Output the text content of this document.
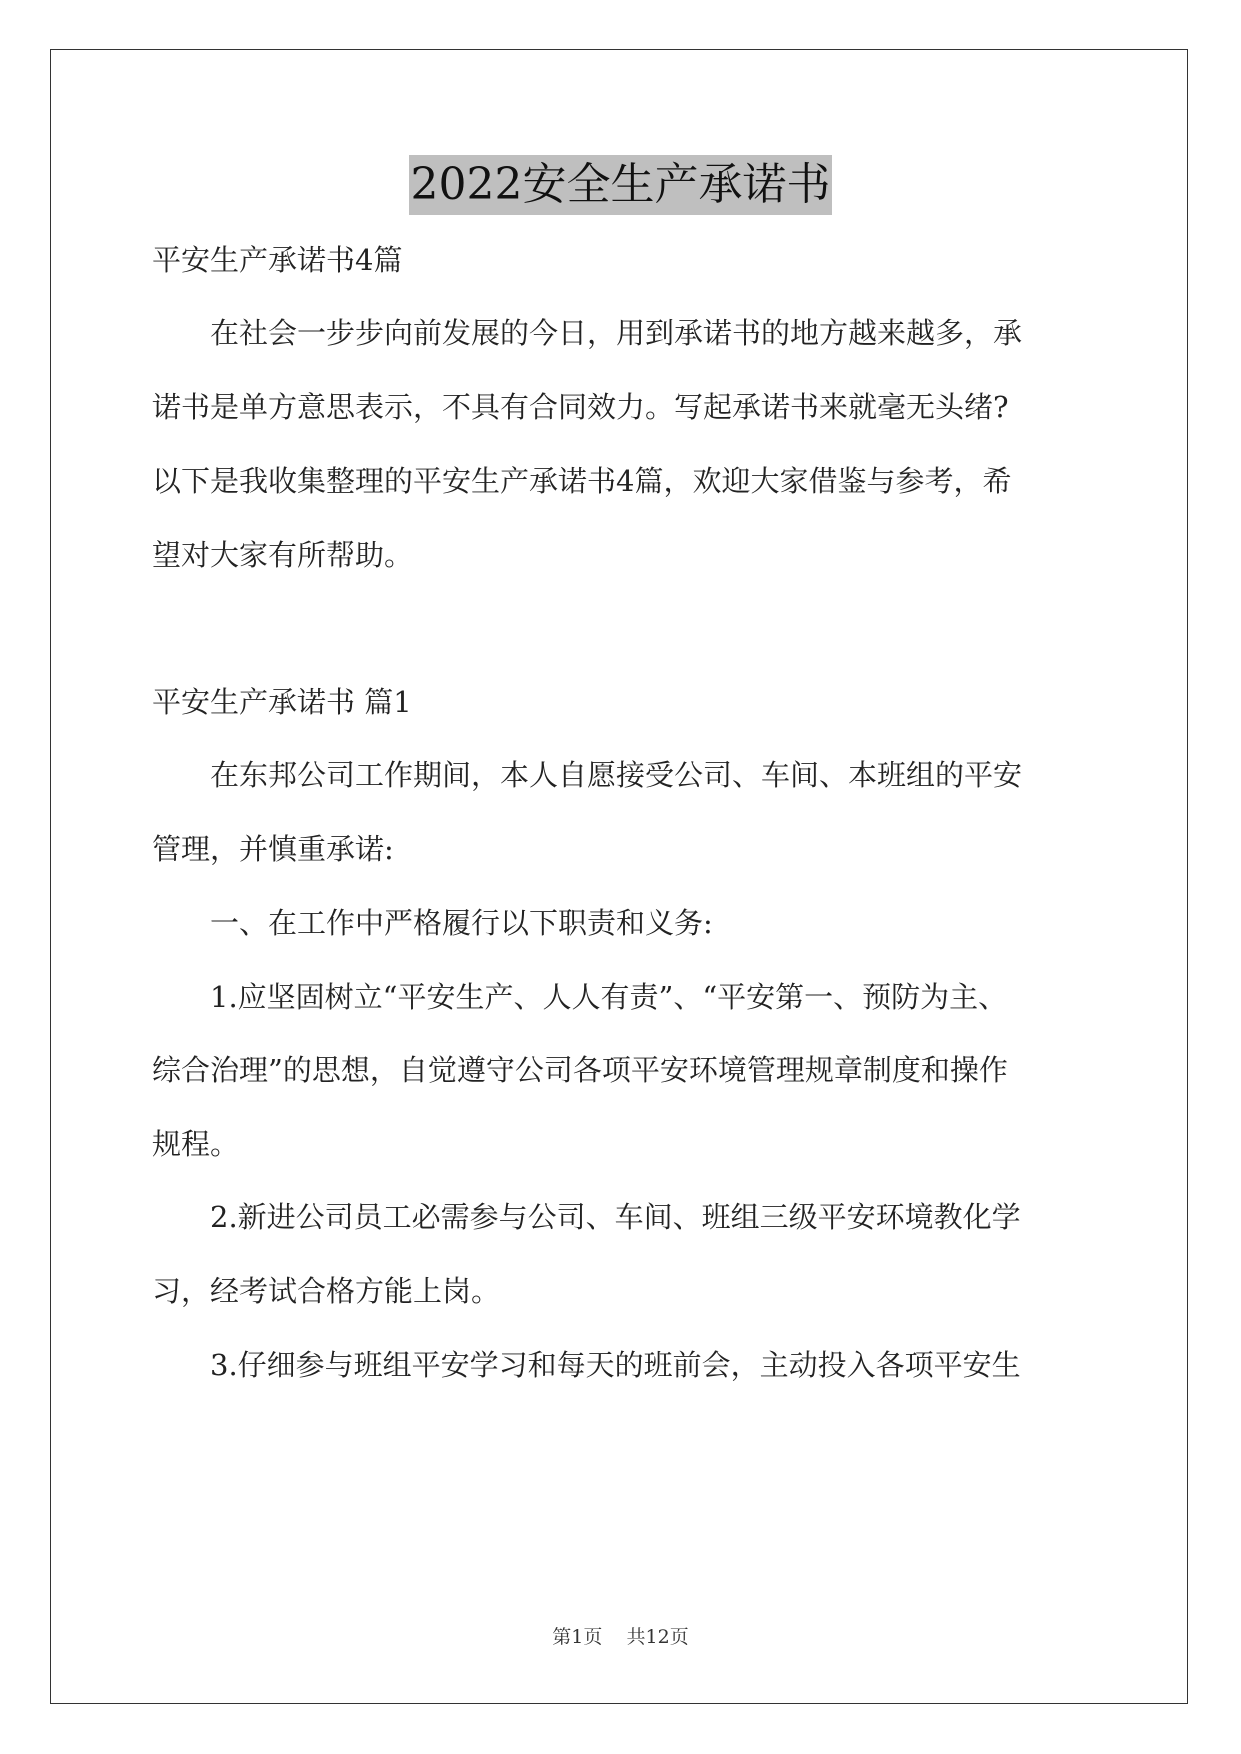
2022安全生产承诺书

平安生产承诺书4篇

在社会一步步向前发展的今日，用到承诺书的地方越来越多，承

诺书是单方意思表示，不具有合同效力。写起承诺书来就毫无头绪?

以下是我收集整理的平安生产承诺书4篇，欢迎大家借鉴与参考，希

望对大家有所帮助。

平安生产承诺书 篇1

在东邦公司工作期间，本人自愿接受公司、车间、本班组的平安

管理，并慎重承诺:

一、在工作中严格履行以下职责和义务:

1.应坚固树立“平安生产、人人有责”、“平安第一、预防为主、

综合治理”的思想，自觉遵守公司各项平安环境管理规章制度和操作

规程。

2.新进公司员工必需参与公司、车间、班组三级平安环境教化学

习，经考试合格方能上岗。

3.仔细参与班组平安学习和每天的班前会，主动投入各项平安生

第1页 共12页
